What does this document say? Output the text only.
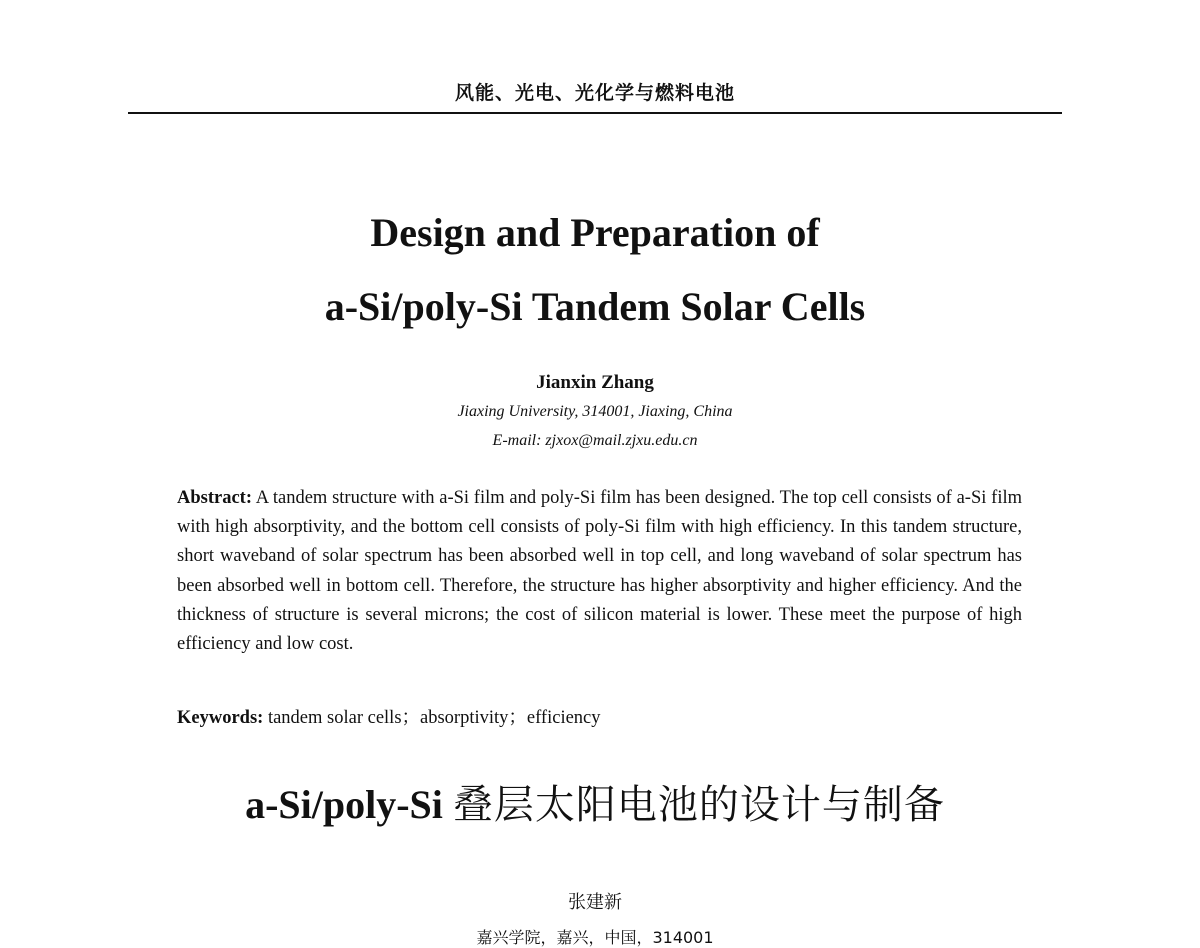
风能、光电、光化学与燃料电池
Design and Preparation of
a-Si/poly-Si Tandem Solar Cells
Jianxin Zhang
Jiaxing University, 314001, Jiaxing, China
E-mail: zjxox@mail.zjxu.edu.cn
Abstract: A tandem structure with a-Si film and poly-Si film has been designed. The top cell consists of a-Si film with high absorptivity, and the bottom cell consists of poly-Si film with high efficiency. In this tandem structure, short waveband of solar spectrum has been absorbed well in top cell, and long waveband of solar spectrum has been absorbed well in bottom cell. Therefore, the structure has higher absorptivity and higher efficiency. And the thickness of structure is several microns; the cost of silicon material is lower. These meet the purpose of high efficiency and low cost.
Keywords: tandem solar cells；absorptivity；efficiency
a-Si/poly-Si 叠层太阳电池的设计与制备
张建新
嘉兴学院，嘉兴，中国，314001
